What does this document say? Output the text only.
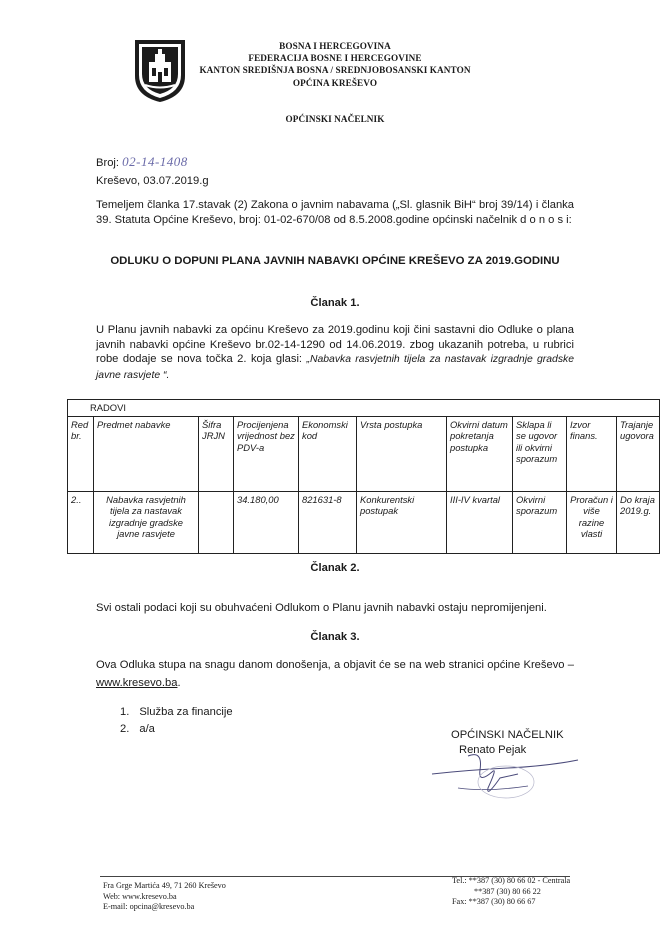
BOSNA I HERCEGOVINA
FEDERACIJA BOSNE I HERCEGOVINE
KANTON SREDIŠNJA BOSNA / SREDNJOBOSANSKI KANTON
OPĆINA KREŠEVO
OPĆINSKI NAČELNIK
Broj: 02-14-1408
Kreševo, 03.07.2019.g
Temeljem članka 17.stavak (2) Zakona o javnim nabavama („Sl. glasnik BiH“ broj 39/14) i članka 39. Statuta Općine Kreševo, broj: 01-02-670/08 od 8.5.2008.godine općinski načelnik d o n o s i:
ODLUKU O DOPUNI PLANA JAVNIH NABAVKI OPĆINE KREŠEVO ZA 2019.GODINU
Članak 1.
U Planu javnih nabavki za općinu Kreševo za 2019.godinu koji čini sastavni dio Odluke o plana javnih nabavki općine Kreševo br.02-14-1290 od 14.06.2019. zbog ukazanih potreba, u rubrici robe dodaje se nova točka 2. koja glasi: „Nabavka rasvjetnih tijela za nastavak izgradnje gradske javne rasvjete “.
RADOVI									
Red br.	Predmet nabavke	Šifra JRJN	Procijenjena vrijednost bez PDV-a	Ekonomski kod	Vrsta postupka	Okvirni datum pokretanja postupka	Sklapa li se ugovor ili okvirni sporazum	Izvor finans.	Trajanje ugovora
2..	Nabavka rasvjetnih tijela za nastavak izgradnje gradske javne rasvjete		34.180,00	821631-8	Konkurentski postupak	III-IV kvartal	Okvirni sporazum	Proračun i više razine vlasti	Do kraja 2019.g.
Članak 2.
Svi ostali podaci koji su obuhvaćeni Odlukom o Planu javnih nabavki ostaju nepromijenjeni.
Članak 3.
Ova Odluka stupa na snagu danom donošenja, a objavit će se na web stranici općine Kreševo –
www.kresevo.ba.
1. Služba za financije
2. a/a
OPĆINSKI NAČELNIK
Renato Pejak
Fra Grge Martića 49, 71 260 Kreševo
Web: www.kresevo.ba
E-mail: opcina@kresevo.ba
Tel.: **387 (30) 80 66 02 - Centrala
**387 (30) 80 66 22
Fax: **387 (30) 80 66 67
